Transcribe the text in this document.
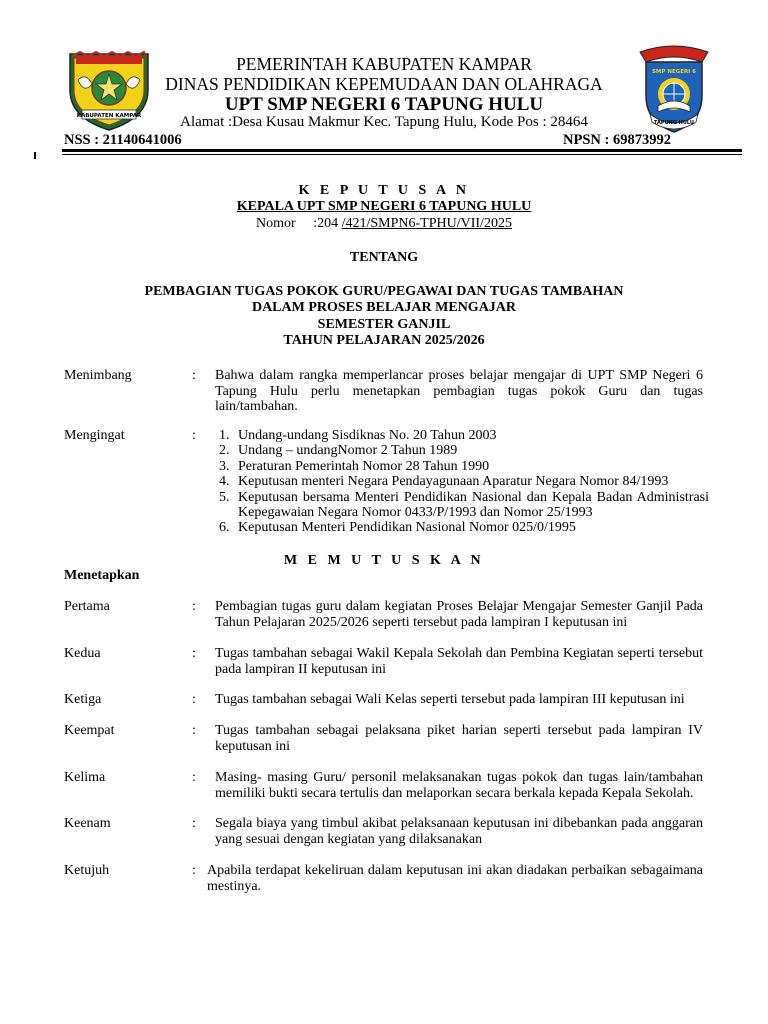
KABUPATEN KAMPAR
SMP NEGERI 6
TAPUNG HULU
PEMERINTAH KABUPATEN KAMPAR
DINAS PENDIDIKAN KEPEMUDAAN DAN OLAHRAGA
UPT SMP NEGERI 6 TAPUNG HULU
Alamat :Desa Kusau Makmur Kec. Tapung Hulu, Kode Pos : 28464
NSS : 21140641006	NPSN : 69873992
K E P U T U S A N
KEPALA UPT SMP NEGERI 6 TAPUNG HULU
Nomor     :204 /421/SMPN6-TPHU/VII/2025
TENTANG
PEMBAGIAN TUGAS POKOK GURU/PEGAWAI DAN TUGAS TAMBAHAN
DALAM PROSES BELAJAR MENGAJAR
SEMESTER GANJIL
TAHUN PELAJARAN 2025/2026
Menimbang	: Bahwa dalam rangka memperlancar proses belajar mengajar di UPT SMP Negeri 6 Tapung Hulu perlu menetapkan pembagian tugas pokok Guru dan tugas lain/tambahan.
Mengingat	: 1. Undang-undang Sisdiknas No. 20 Tahun 2003
2. Undang – undangNomor 2 Tahun 1989
3. Peraturan Pemerintah Nomor 28 Tahun 1990
4. Keputusan menteri Negara Pendayagunaan Aparatur Negara Nomor 84/1993
5. Keputusan bersama Menteri Pendidikan Nasional dan Kepala Badan Administrasi Kepegawaian Negara Nomor 0433/P/1993 dan Nomor 25/1993
6. Keputusan Menteri Pendidikan Nasional Nomor 025/0/1995
M E M U T U S K A N
Menetapkan
Pertama	: Pembagian tugas guru dalam kegiatan Proses Belajar Mengajar Semester Ganjil Pada Tahun Pelajaran 2025/2026 seperti tersebut pada lampiran I keputusan ini
Kedua	: Tugas tambahan sebagai Wakil Kepala Sekolah dan Pembina Kegiatan seperti tersebut pada lampiran II keputusan ini
Ketiga	: Tugas tambahan sebagai Wali Kelas seperti tersebut pada lampiran III keputusan ini
Keempat	: Tugas tambahan sebagai pelaksana piket harian seperti tersebut pada lampiran IV keputusan ini
Kelima	: Masing- masing Guru/ personil melaksanakan tugas pokok dan tugas lain/tambahan memiliki bukti secara tertulis dan melaporkan secara berkala kepada Kepala Sekolah.
Keenam	: Segala biaya yang timbul akibat pelaksanaan keputusan ini dibebankan pada anggaran yang sesuai dengan kegiatan yang dilaksanakan
Ketujuh	: Apabila terdapat kekeliruan dalam keputusan ini akan diadakan perbaikan sebagaimana mestinya.
